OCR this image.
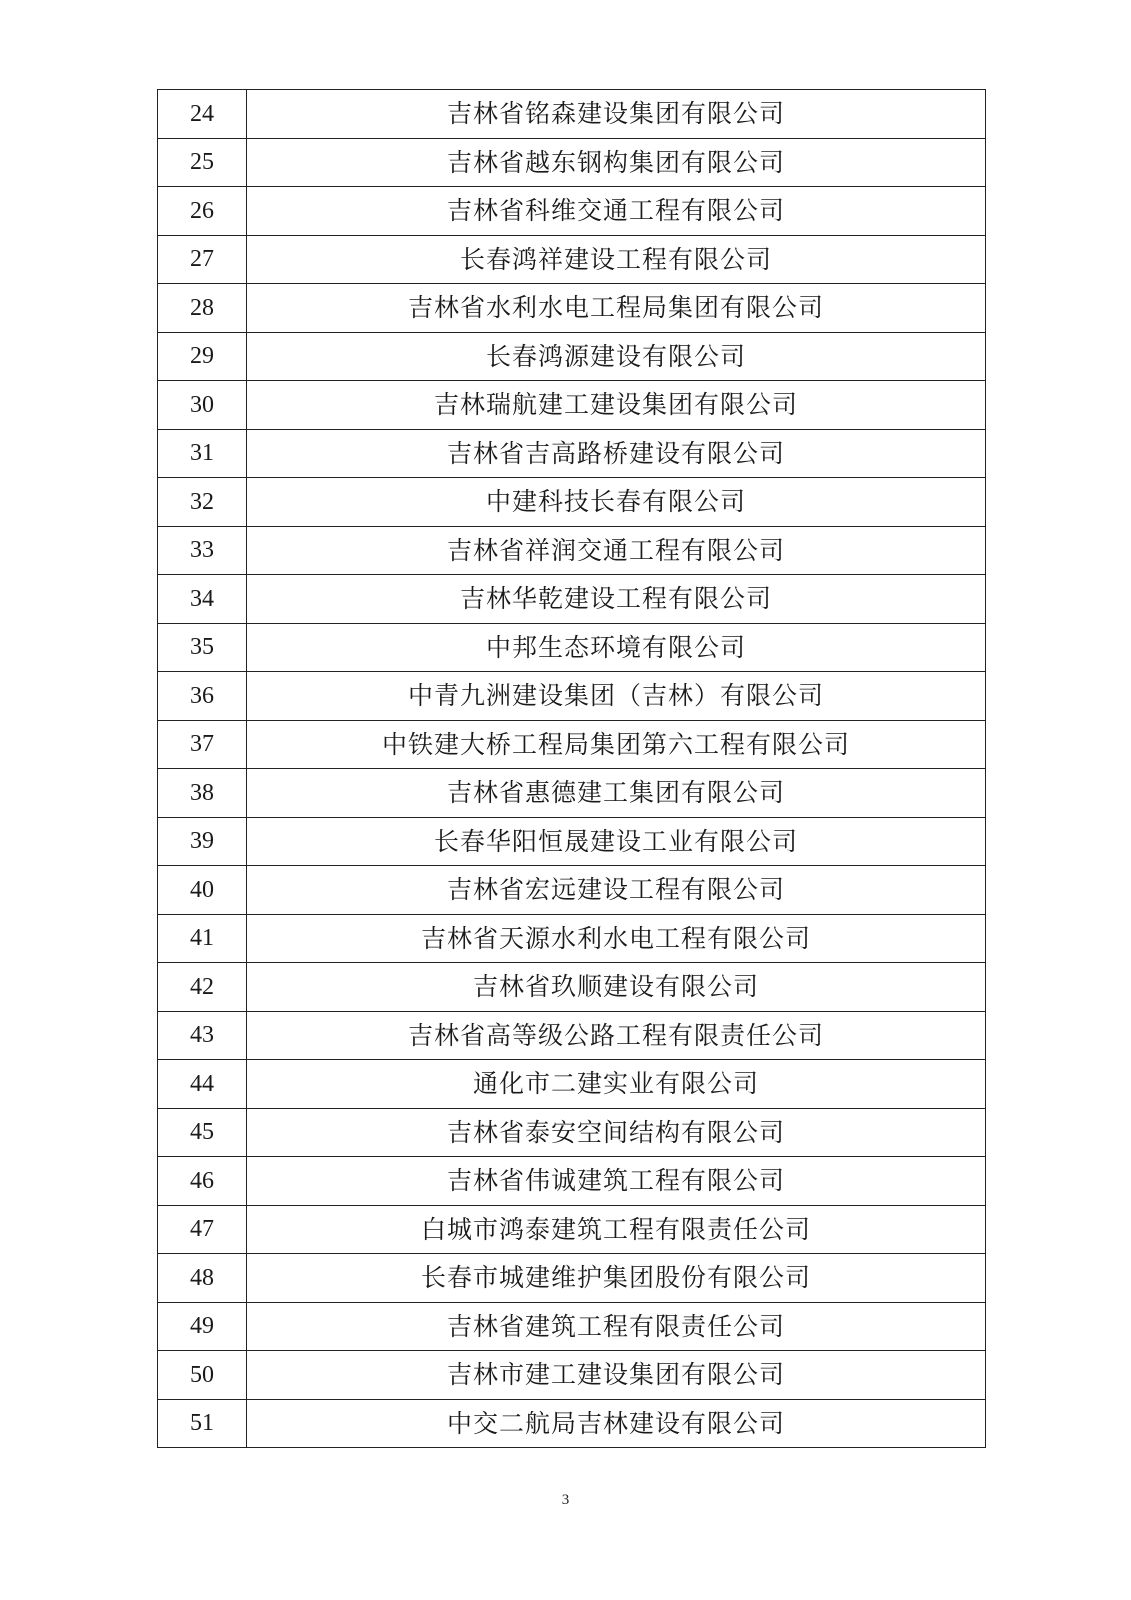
24	吉林省铭森建设集团有限公司
25	吉林省越东钢构集团有限公司
26	吉林省科维交通工程有限公司
27	长春鸿祥建设工程有限公司
28	吉林省水利水电工程局集团有限公司
29	长春鸿源建设有限公司
30	吉林瑞航建工建设集团有限公司
31	吉林省吉高路桥建设有限公司
32	中建科技长春有限公司
33	吉林省祥润交通工程有限公司
34	吉林华乾建设工程有限公司
35	中邦生态环境有限公司
36	中青九洲建设集团（吉林）有限公司
37	中铁建大桥工程局集团第六工程有限公司
38	吉林省惠德建工集团有限公司
39	长春华阳恒晟建设工业有限公司
40	吉林省宏远建设工程有限公司
41	吉林省天源水利水电工程有限公司
42	吉林省玖顺建设有限公司
43	吉林省高等级公路工程有限责任公司
44	通化市二建实业有限公司
45	吉林省泰安空间结构有限公司
46	吉林省伟诚建筑工程有限公司
47	白城市鸿泰建筑工程有限责任公司
48	长春市城建维护集团股份有限公司
49	吉林省建筑工程有限责任公司
50	吉林市建工建设集团有限公司
51	中交二航局吉林建设有限公司
3
